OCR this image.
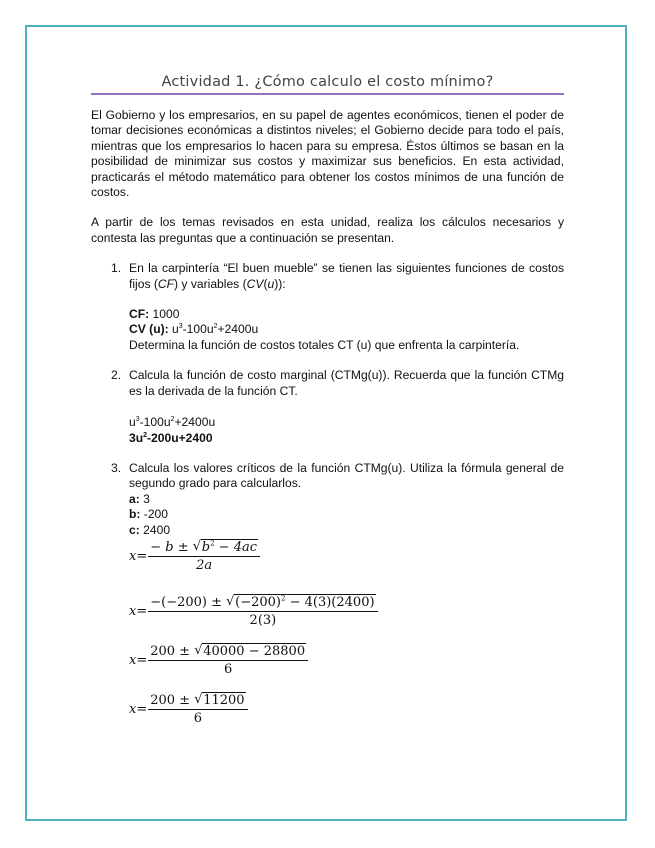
Actividad 1. ¿Cómo calculo el costo mínimo?

El Gobierno y los empresarios, en su papel de agentes económicos, tienen el poder de tomar decisiones económicas a distintos niveles; el Gobierno decide para todo el país, mientras que los empresarios lo hacen para su empresa. Éstos últimos se basan en la posibilidad de minimizar sus costos y maximizar sus beneficios. En esta actividad, practicarás el método matemático para obtener los costos mínimos de una función de costos.

A partir de los temas revisados en esta unidad, realiza los cálculos necesarios y contesta las preguntas que a continuación se presentan.

1. En la carpintería “El buen mueble” se tienen las siguientes funciones de costos fijos (CF) y variables (CV(u)):

CF: 1000

CV (u): $u^3-100u^2+2400u$

Determina la función de costos totales CT (u) que enfrenta la carpintería.

2. Calcula la función de costo marginal (CTMg(u)). Recuerda que la función CTMg es la derivada de la función CT.

$u^3-100u^2+2400u$

$3u^2-200u+2400$

3. Calcula los valores críticos de la función CTMg(u). Utiliza la fórmula general de segundo grado para calcularlos.

a: 3

b: -200

c: 2400

$x= \frac{- b \pm √ b^2 - 4ac}{2a}$
$x= \frac{-(-200) \pm √ (-200)^2 - 4(3)(2400)}{2(3)}$
$x= \frac{200 \pm √ 40000 - 28800}{6}$
$x= \frac{200 \pm √ 11200}{6}$
